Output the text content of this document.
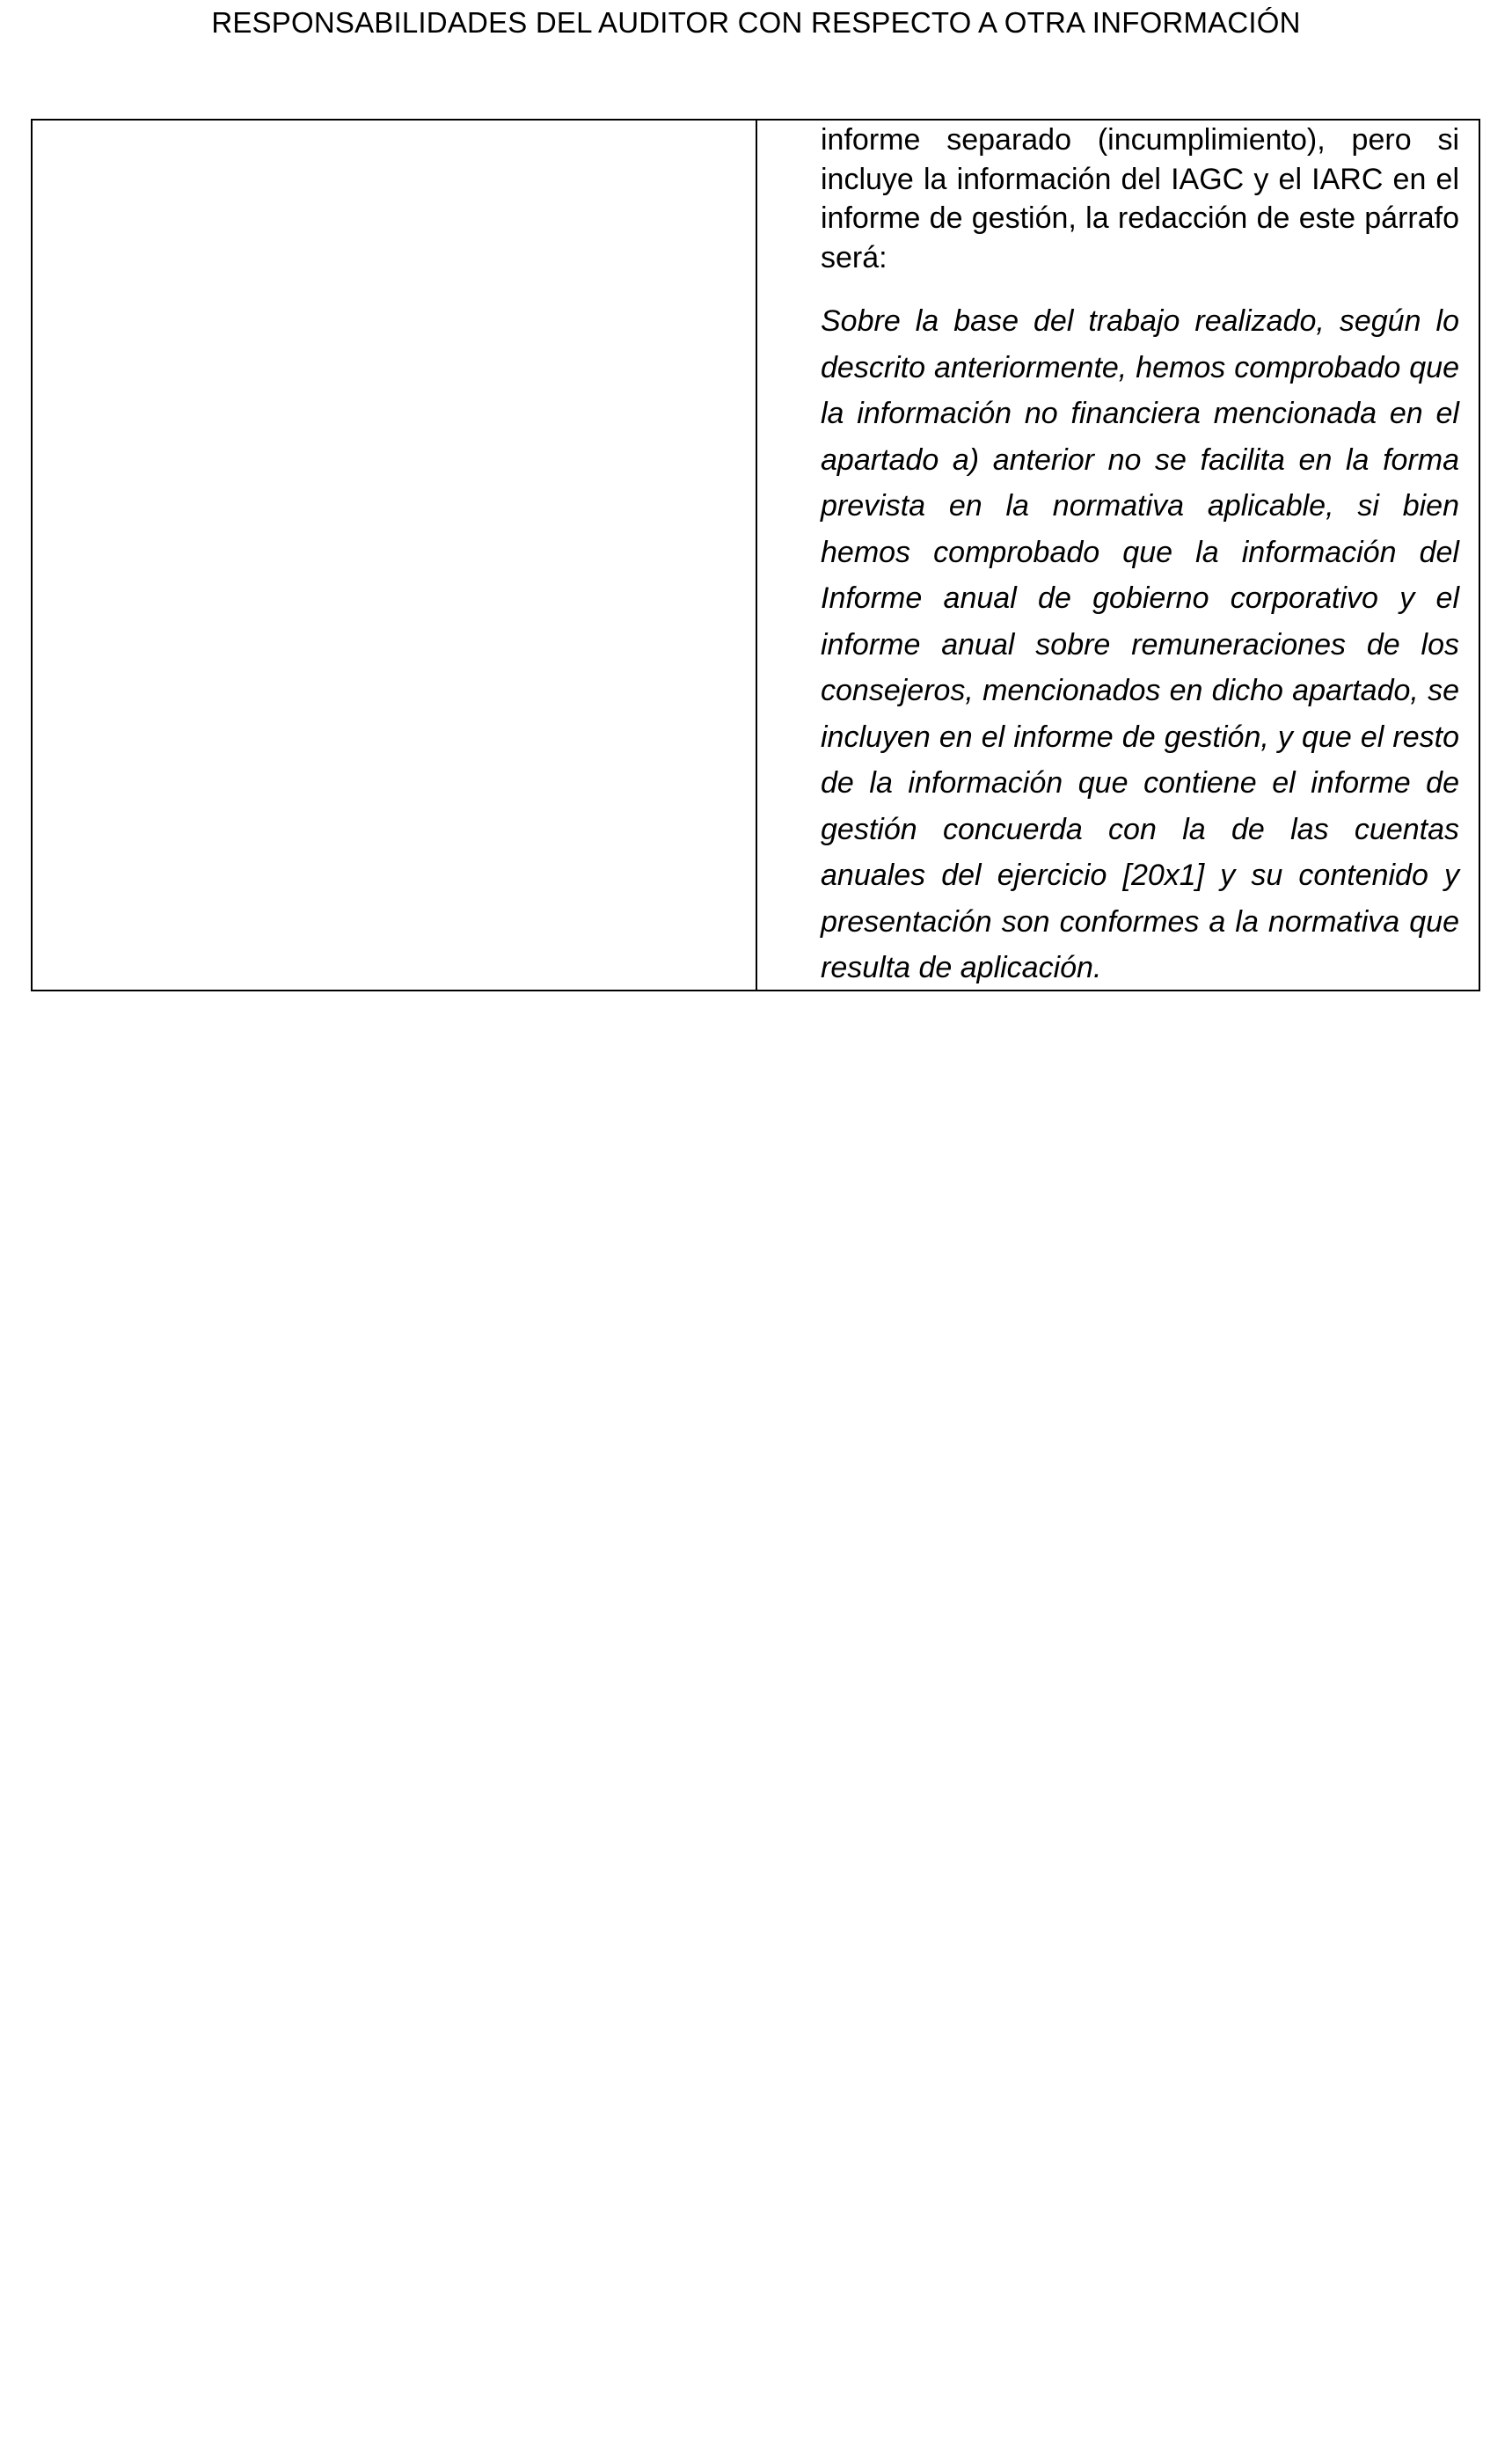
RESPONSABILIDADES DEL AUDITOR CON RESPECTO A OTRA INFORMACIÓN

informe separado (incumplimiento), pero si incluye la información del IAGC y el IARC en el informe de gestión, la redacción de este párrafo será:

Sobre la base del trabajo realizado, según lo descrito anteriormente, hemos comprobado que la información no financiera mencionada en el apartado a) anterior no se facilita en la forma prevista en la normativa aplicable, si bien hemos comprobado que la información del Informe anual de gobierno corporativo y el informe anual sobre remuneraciones de los consejeros, mencionados en dicho apartado, se incluyen en el informe de gestión, y que el resto de la información que contiene el informe de gestión concuerda con la de las cuentas anuales del ejercicio [20x1] y su contenido y presentación son conformes a la normativa que resulta de aplicación.
